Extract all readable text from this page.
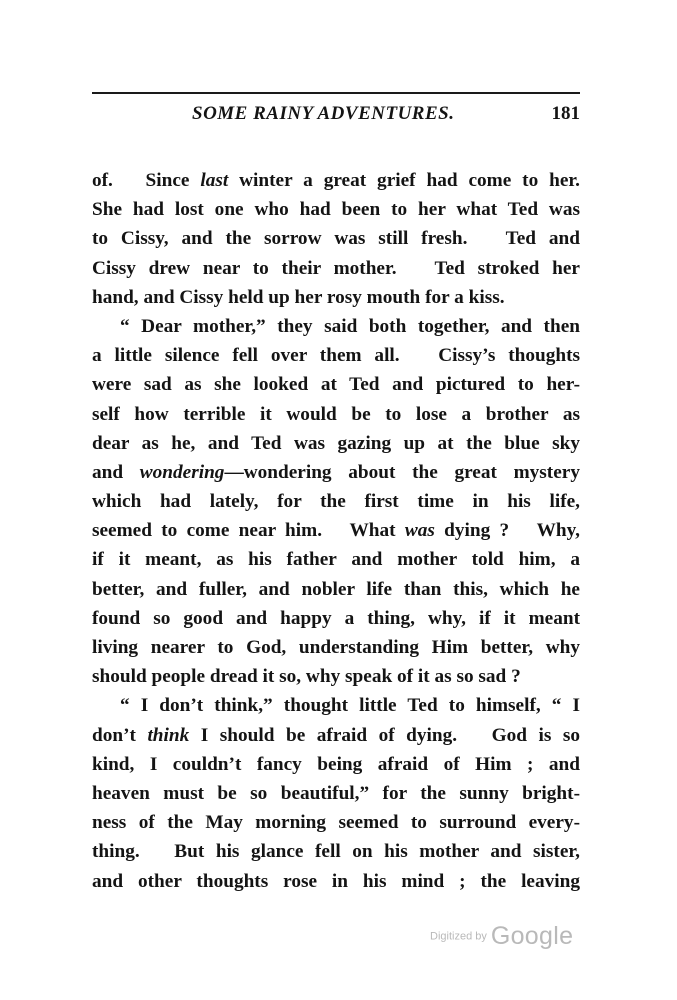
SOME RAINY ADVENTURES.	181
of.   Since last winter a great grief had come to her.
She had lost one who had been to her what Ted was
to Cissy, and the sorrow was still fresh.   Ted and
Cissy drew near to their mother.   Ted stroked her
hand, and Cissy held up her rosy mouth for a kiss.
“ Dear mother,” they said both together, and then
a little silence fell over them all.   Cissy’s thoughts
were sad as she looked at Ted and pictured to her-
self how terrible it would be to lose a brother as
dear as he, and Ted was gazing up at the blue sky
and wondering—wondering about the great mystery
which had lately, for the first time in his life,
seemed to come near him.   What was dying ?   Why,
if it meant, as his father and mother told him, a
better, and fuller, and nobler life than this, which he
found so good and happy a thing, why, if it meant
living nearer to God, understanding Him better, why
should people dread it so, why speak of it as so sad ?
“ I don’t think,” thought little Ted to himself, “ I
don’t think I should be afraid of dying.   God is so
kind, I couldn’t fancy being afraid of Him ; and
heaven must be so beautiful,” for the sunny bright-
ness of the May morning seemed to surround every-
thing.   But his glance fell on his mother and sister,
and other thoughts rose in his mind ; the leaving
Digitized by Google
